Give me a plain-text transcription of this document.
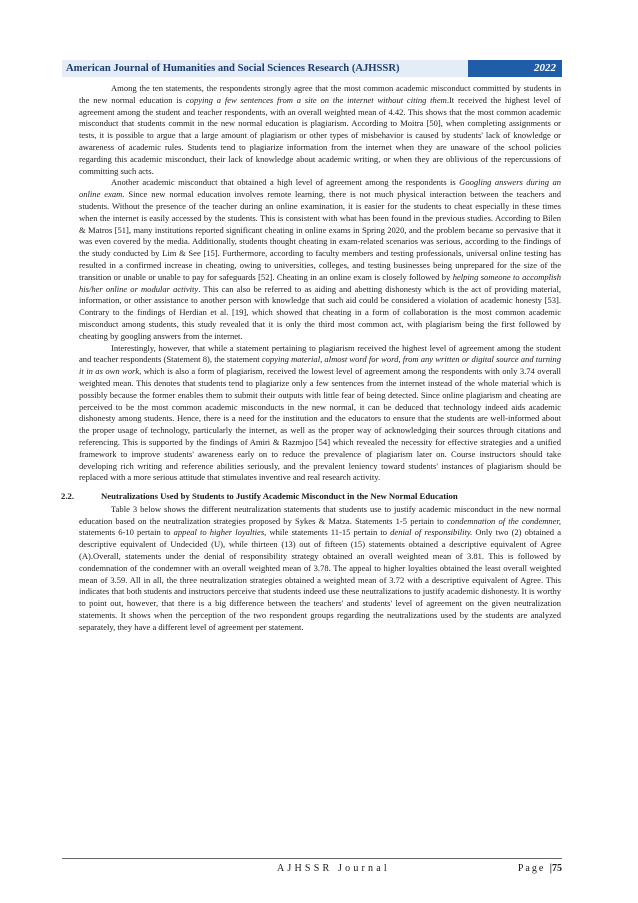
American Journal of Humanities and Social Sciences Research (AJHSSR)	2022

Among the ten statements, the respondents strongly agree that the most common academic misconduct committed by students in the new normal education is copying a few sentences from a site on the internet without citing them.It received the highest level of agreement among the student and teacher respondents, with an overall weighted mean of 4.42. This shows that the most common academic misconduct that students commit in the new normal education is plagiarism. According to Moitra [50], when completing assignments or tests, it is possible to argue that a large amount of plagiarism or other types of misbehavior is caused by students' lack of knowledge or awareness of academic rules. Students tend to plagiarize information from the internet when they are unaware of the school policies regarding this academic misconduct, their lack of knowledge about academic writing, or when they are oblivious of the repercussions of committing such acts.

Another academic misconduct that obtained a high level of agreement among the respondents is Googling answers during an online exam. Since new normal education involves remote learning, there is not much physical interaction between the teachers and students. Without the presence of the teacher during an online examination, it is easier for the students to cheat especially in these times when the internet is easily accessed by the students. This is consistent with what has been found in the previous studies. According to Bilen & Matros [51], many institutions reported significant cheating in online exams in Spring 2020, and the problem became so pervasive that it was even covered by the media. Additionally, students thought cheating in exam-related scenarios was serious, according to the findings of the study conducted by Lim & See [15]. Furthermore, according to faculty members and testing professionals, universal online testing has resulted in a confirmed increase in cheating, owing to universities, colleges, and testing businesses being unprepared for the size of the transition or unable or unable to pay for safeguards [52]. Cheating in an online exam is closely followed by helping someone to accomplish his/her online or modular activity. This can also be referred to as aiding and abetting dishonesty which is the act of providing material, information, or other assistance to another person with knowledge that such aid could be considered a violation of academic honesty [53]. Contrary to the findings of Herdian et al. [19], which showed that cheating in a form of collaboration is the most common academic misconduct among students, this study revealed that it is only the third most common act, with plagiarism being the first followed by cheating by googling answers from the internet.

Interestingly, however, that while a statement pertaining to plagiarism received the highest level of agreement among the student and teacher respondents (Statement 8), the statement copying material, almost word for word, from any written or digital source and turning it in as own work, which is also a form of plagiarism, received the lowest level of agreement among the respondents with only 3.74 overall weighted mean. This denotes that students tend to plagiarize only a few sentences from the internet instead of the whole material which is possibly because the former enables them to submit their outputs with little fear of being detected. Since online plagiarism and cheating are perceived to be the most common academic misconducts in the new normal, it can be deduced that technology indeed aids academic dishonesty among students. Hence, there is a need for the institution and the educators to ensure that the students are well-informed about the proper usage of technology, particularly the internet, as well as the proper way of acknowledging their sources through citations and referencing. This is supported by the findings of Amiri & Razmjoo [54] which revealed the necessity for effective strategies and a unified framework to improve students' awareness early on to reduce the prevalence of plagiarism later on. Course instructors should take developing rich writing and reference abilities seriously, and the prevalent leniency toward students' instances of plagiarism should be replaced with a more serious attitude that stimulates inventive and real research activity.

2.2.	Neutralizations Used by Students to Justify Academic Misconduct in the New Normal Education

Table 3 below shows the different neutralization statements that students use to justify academic misconduct in the new normal education based on the neutralization strategies proposed by Sykes & Matza. Statements 1-5 pertain to condemnation of the condemner, statements 6-10 pertain to appeal to higher loyalties, while statements 11-15 pertain to denial of responsibility. Only two (2) obtained a descriptive equivalent of Undecided (U), while thirteen (13) out of fifteen (15) statements obtained a descriptive equivalent of Agree (A).Overall, statements under the denial of responsibility strategy obtained an overall weighted mean of 3.81. This is followed by condemnation of the condemner with an overall weighted mean of 3.78. The appeal to higher loyalties obtained the least overall weighted mean of 3.59. All in all, the three neutralization strategies obtained a weighted mean of 3.72 with a descriptive equivalent of Agree. This indicates that both students and instructors perceive that students indeed use these neutralizations to justify academic dishonesty. It is worthy to point out, however, that there is a big difference between the teachers' and students' level of agreement on the given neutralization statements. It shows when the perception of the two respondent groups regarding the neutralizations used by the students are analyzed separately, they have a different level of agreement per statement.

AJHSSR Journal	Page |75
